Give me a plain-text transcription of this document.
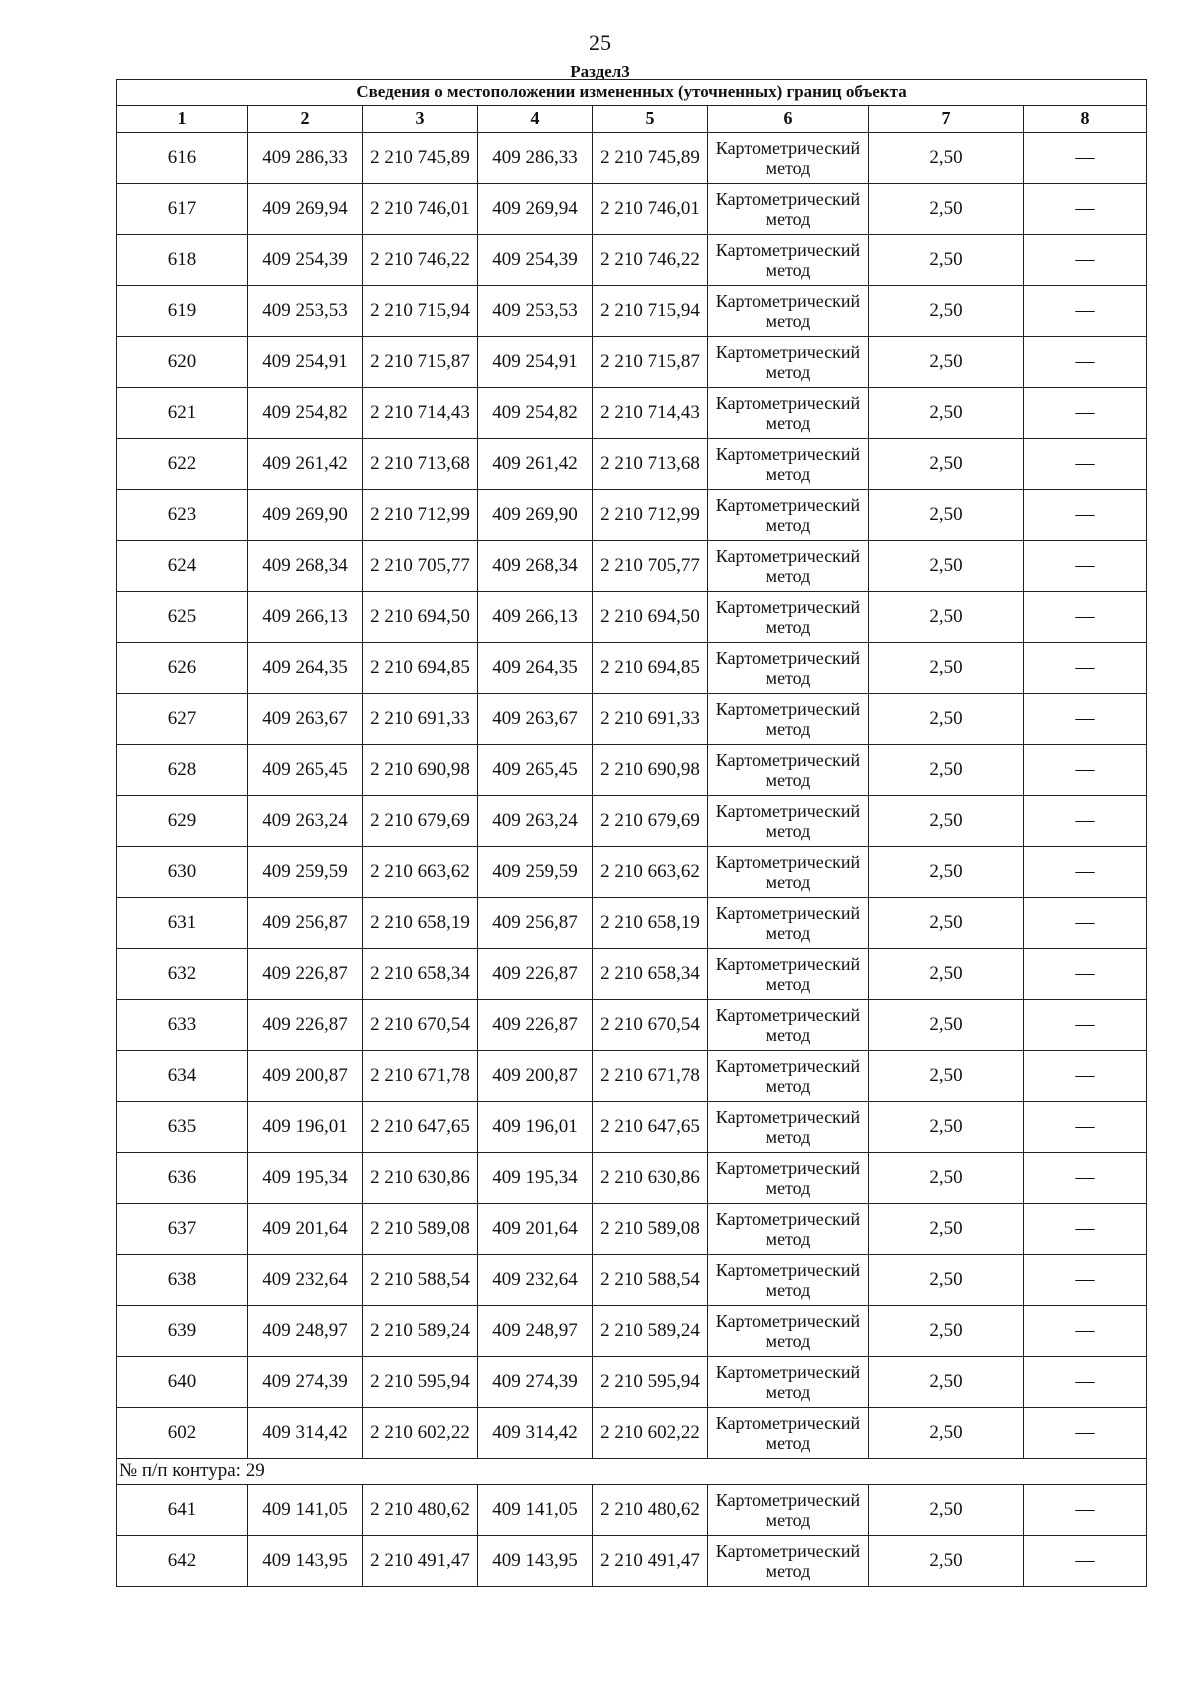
25
Раздел3
Сведения о местоположении измененных (уточненных) границ объекта							
1	2	3	4	5	6	7	8
616	409 286,33	2 210 745,89	409 286,33	2 210 745,89	Картометрический метод	2,50	—
617	409 269,94	2 210 746,01	409 269,94	2 210 746,01	Картометрический метод	2,50	—
618	409 254,39	2 210 746,22	409 254,39	2 210 746,22	Картометрический метод	2,50	—
619	409 253,53	2 210 715,94	409 253,53	2 210 715,94	Картометрический метод	2,50	—
620	409 254,91	2 210 715,87	409 254,91	2 210 715,87	Картометрический метод	2,50	—
621	409 254,82	2 210 714,43	409 254,82	2 210 714,43	Картометрический метод	2,50	—
622	409 261,42	2 210 713,68	409 261,42	2 210 713,68	Картометрический метод	2,50	—
623	409 269,90	2 210 712,99	409 269,90	2 210 712,99	Картометрический метод	2,50	—
624	409 268,34	2 210 705,77	409 268,34	2 210 705,77	Картометрический метод	2,50	—
625	409 266,13	2 210 694,50	409 266,13	2 210 694,50	Картометрический метод	2,50	—
626	409 264,35	2 210 694,85	409 264,35	2 210 694,85	Картометрический метод	2,50	—
627	409 263,67	2 210 691,33	409 263,67	2 210 691,33	Картометрический метод	2,50	—
628	409 265,45	2 210 690,98	409 265,45	2 210 690,98	Картометрический метод	2,50	—
629	409 263,24	2 210 679,69	409 263,24	2 210 679,69	Картометрический метод	2,50	—
630	409 259,59	2 210 663,62	409 259,59	2 210 663,62	Картометрический метод	2,50	—
631	409 256,87	2 210 658,19	409 256,87	2 210 658,19	Картометрический метод	2,50	—
632	409 226,87	2 210 658,34	409 226,87	2 210 658,34	Картометрический метод	2,50	—
633	409 226,87	2 210 670,54	409 226,87	2 210 670,54	Картометрический метод	2,50	—
634	409 200,87	2 210 671,78	409 200,87	2 210 671,78	Картометрический метод	2,50	—
635	409 196,01	2 210 647,65	409 196,01	2 210 647,65	Картометрический метод	2,50	—
636	409 195,34	2 210 630,86	409 195,34	2 210 630,86	Картометрический метод	2,50	—
637	409 201,64	2 210 589,08	409 201,64	2 210 589,08	Картометрический метод	2,50	—
638	409 232,64	2 210 588,54	409 232,64	2 210 588,54	Картометрический метод	2,50	—
639	409 248,97	2 210 589,24	409 248,97	2 210 589,24	Картометрический метод	2,50	—
640	409 274,39	2 210 595,94	409 274,39	2 210 595,94	Картометрический метод	2,50	—
602	409 314,42	2 210 602,22	409 314,42	2 210 602,22	Картометрический метод	2,50	—
№ п/п контура: 29							
641	409 141,05	2 210 480,62	409 141,05	2 210 480,62	Картометрический метод	2,50	—
642	409 143,95	2 210 491,47	409 143,95	2 210 491,47	Картометрический метод	2,50	—
